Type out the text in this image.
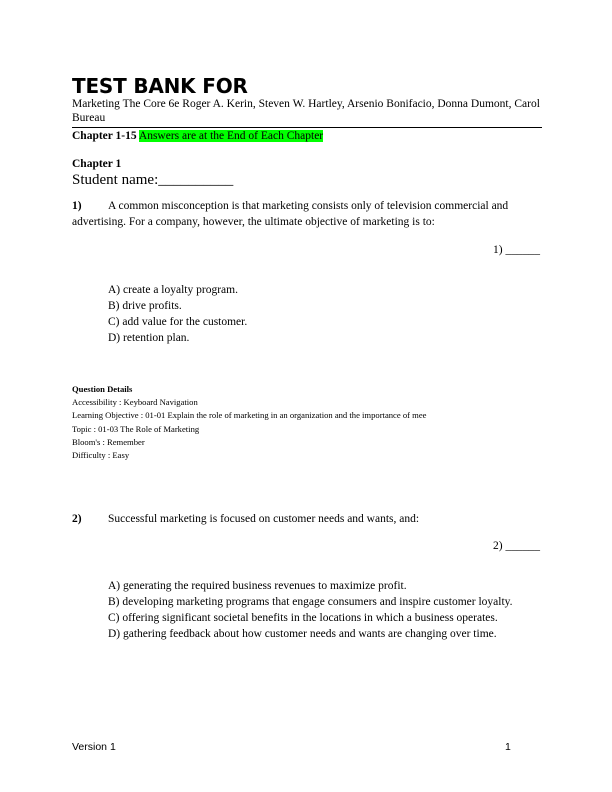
TEST BANK FOR
Marketing The Core 6e Roger A. Kerin, Steven W. Hartley, Arsenio Bonifacio, Donna Dumont, Carol Bureau
Chapter 1-15 Answers are at the End of Each Chapter
Chapter 1
Student name:__________
1)	A common misconception is that marketing consists only of television commercial and advertising. For a company, however, the ultimate objective of marketing is to:
1) ______
A) create a loyalty program.
B) drive profits.
C) add value for the customer.
D) retention plan.
Question Details
Accessibility : Keyboard Navigation
Learning Objective : 01-01 Explain the role of marketing in an organization and the importance of mee
Topic : 01-03 The Role of Marketing
Bloom's : Remember
Difficulty : Easy
2)	Successful marketing is focused on customer needs and wants, and:
2) ______
A) generating the required business revenues to maximize profit.
B) developing marketing programs that engage consumers and inspire customer loyalty.
C) offering significant societal benefits in the locations in which a business operates.
D) gathering feedback about how customer needs and wants are changing over time.
Version 1	1
